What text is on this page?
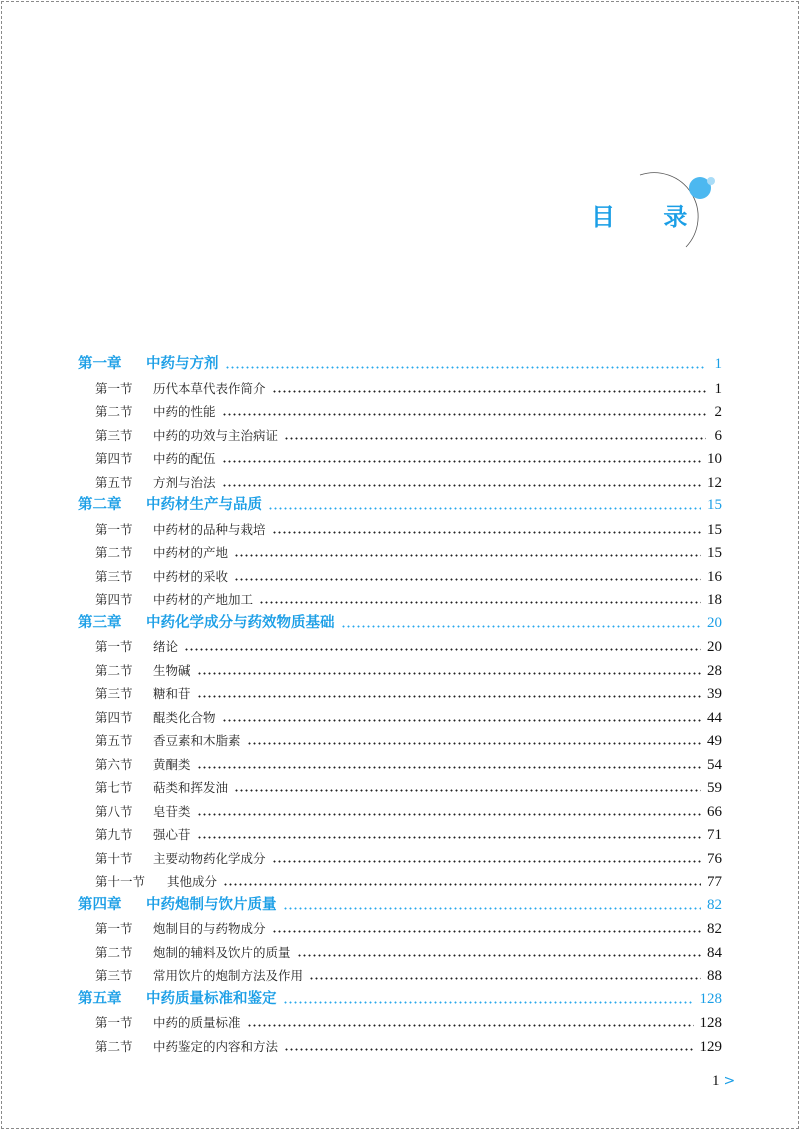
目 录
第一章	中药与方剂	1
第一节	历代本草代表作简介	1
第二节	中药的性能	2
第三节	中药的功效与主治病证	6
第四节	中药的配伍	10
第五节	方剂与治法	12
第二章	中药材生产与品质	15
第一节	中药材的品种与栽培	15
第二节	中药材的产地	15
第三节	中药材的采收	16
第四节	中药材的产地加工	18
第三章	中药化学成分与药效物质基础	20
第一节	绪论	20
第二节	生物碱	28
第三节	糖和苷	39
第四节	醌类化合物	44
第五节	香豆素和木脂素	49
第六节	黄酮类	54
第七节	萜类和挥发油	59
第八节	皂苷类	66
第九节	强心苷	71
第十节	主要动物药化学成分	76
第十一节	其他成分	77
第四章	中药炮制与饮片质量	82
第一节	炮制目的与药物成分	82
第二节	炮制的辅料及饮片的质量	84
第三节	常用饮片的炮制方法及作用	88
第五章	中药质量标准和鉴定	128
第一节	中药的质量标准	128
第二节	中药鉴定的内容和方法	129
1 >
